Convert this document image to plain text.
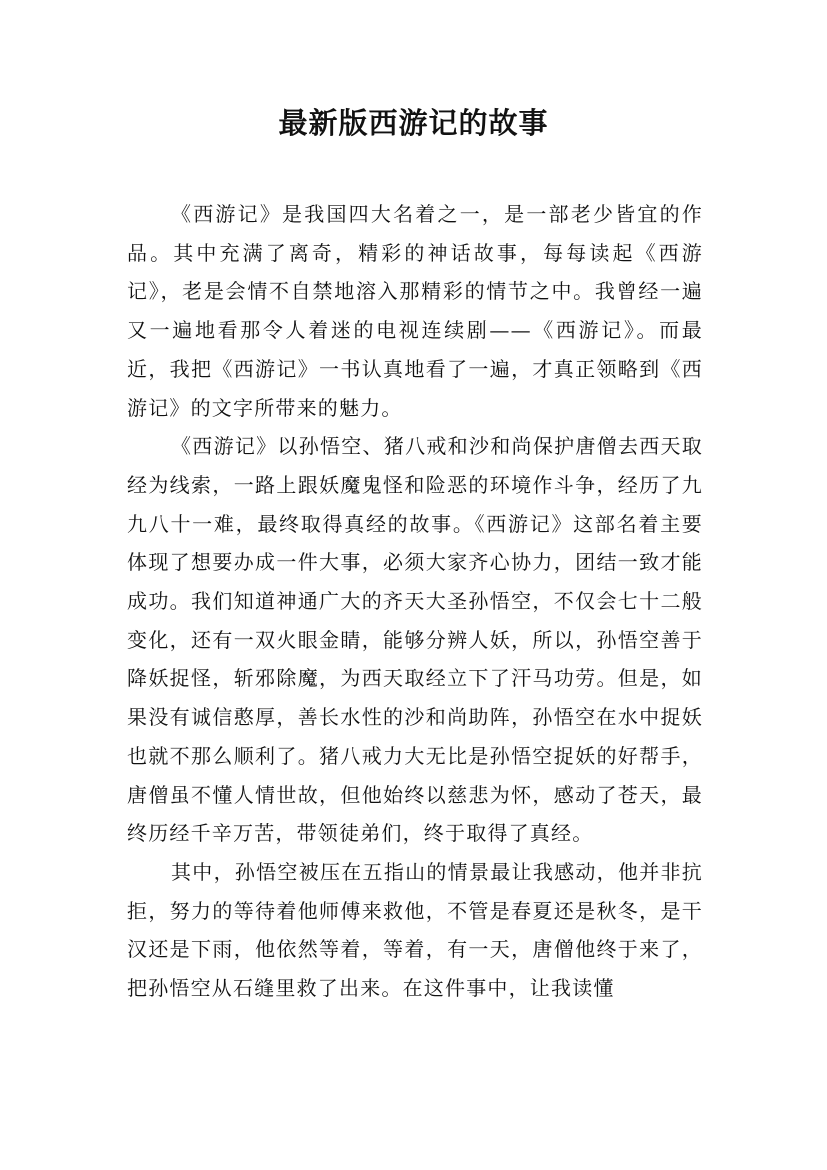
最新版西游记的故事

《西游记》是我国四大名着之一，是一部老少皆宜的作品。其中充满了离奇，精彩的神话故事，每每读起《西游记》，老是会情不自禁地溶入那精彩的情节之中。我曾经一遍又一遍地看那令人着迷的电视连续剧——《西游记》。而最近，我把《西游记》一书认真地看了一遍，才真正领略到《西游记》的文字所带来的魅力。

《西游记》以孙悟空、猪八戒和沙和尚保护唐僧去西天取经为线索，一路上跟妖魔鬼怪和险恶的环境作斗争，经历了九九八十一难，最终取得真经的故事。《西游记》这部名着主要体现了想要办成一件大事，必须大家齐心协力，团结一致才能成功。我们知道神通广大的齐天大圣孙悟空，不仅会七十二般变化，还有一双火眼金睛，能够分辨人妖，所以，孙悟空善于降妖捉怪，斩邪除魔，为西天取经立下了汗马功劳。但是，如果没有诚信憨厚，善长水性的沙和尚助阵，孙悟空在水中捉妖也就不那么顺利了。猪八戒力大无比是孙悟空捉妖的好帮手，唐僧虽不懂人情世故，但他始终以慈悲为怀，感动了苍天，最终历经千辛万苦，带领徒弟们，终于取得了真经。

其中，孙悟空被压在五指山的情景最让我感动，他并非抗拒，努力的等待着他师傅来救他，不管是春夏还是秋冬，是干汉还是下雨，他依然等着，等着，有一天，唐僧他终于来了，把孙悟空从石缝里救了出来。在这件事中，让我读懂
